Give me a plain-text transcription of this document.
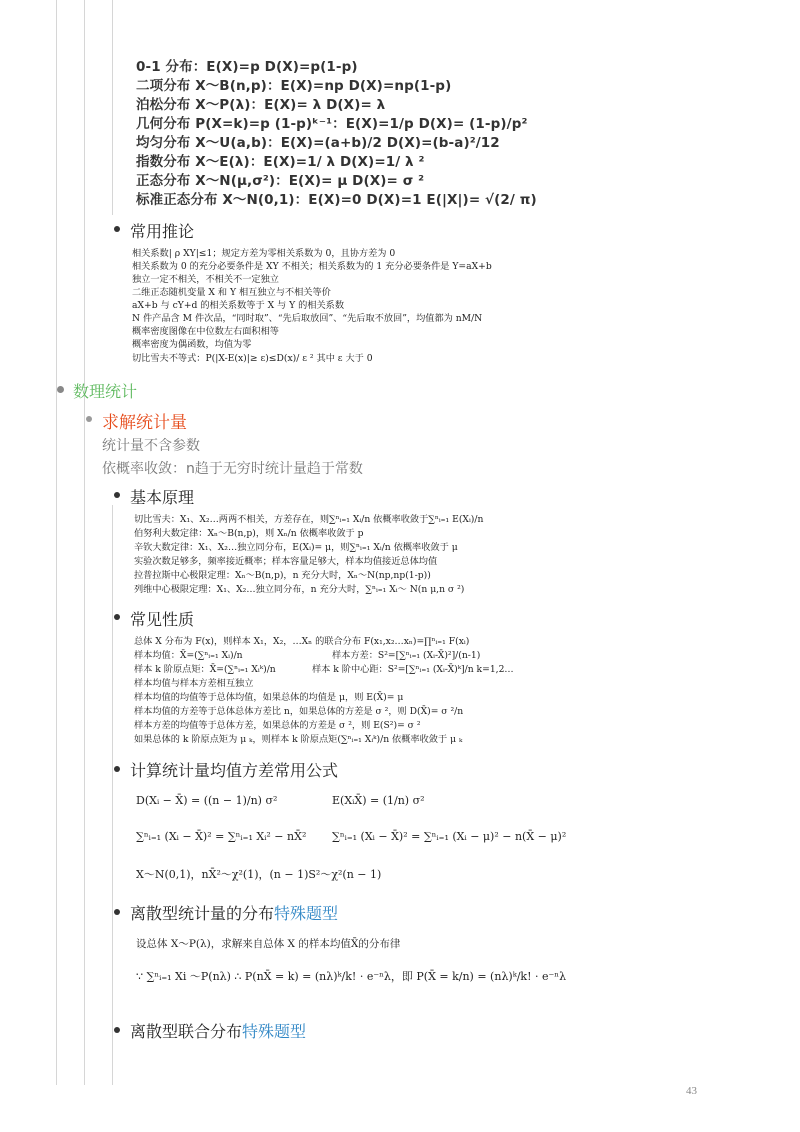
0-1 分布：E(X)=p D(X)=p(1-p)
二项分布 X～B(n,p)：E(X)=np D(X)=np(1-p)
泊松分布 X～P(λ)：E(X)= λ D(X)= λ
几何分布 P(X=k)=p (1-p)ᵏ⁻¹：E(X)=1/p D(X)= (1-p)/p²
均匀分布 X～U(a,b)：E(X)=(a+b)/2 D(X)=(b-a)²/12
指数分布 X～E(λ)：E(X)=1/ λ D(X)=1/ λ ²
正态分布 X～N(μ,σ²)：E(X)= μ D(X)= σ ²
标准正态分布 X～N(0,1)：E(X)=0 D(X)=1 E(|X|)= √(2/ π)
常用推论
相关系数| ρ XY|≤1；规定方差为零相关系数为 0，且协方差为 0
相关系数为 0 的充分必要条件是 XY 不相关；相关系数为的 1 充分必要条件是 Y=aX+b
独立一定不相关，不相关不一定独立
二维正态随机变量 X 和 Y 相互独立与不相关等价
aX+b 与 cY+d 的相关系数等于 X 与 Y 的相关系数
N 件产品含 M 件次品，“同时取”、“先后取放回”、“先后取不放回”，均值都为 nM/N
概率密度图像在中位数左右面积相等
概率密度为偶函数，均值为零
切比雪夫不等式：P(|X-E(x)|≥ ε)≤D(x)/ ε ² 其中 ε 大于 0
数理统计
求解统计量
统计量不含参数
依概率收敛：n趋于无穷时统计量趋于常数
基本原理
切比雪夫：X₁、X₂…两两不相关，方差存在，则∑ⁿᵢ₌₁ Xᵢ/n 依概率收敛于∑ⁿᵢ₌₁ E(Xᵢ)/n
伯努利大数定律：Xₙ～B(n,p)，则 Xₙ/n 依概率收敛于 p
辛钦大数定律：X₁、X₂…独立同分布，E(Xᵢ)= μ，则∑ⁿᵢ₌₁ Xᵢ/n 依概率收敛于 μ
实验次数足够多，频率接近概率；样本容量足够大，样本均值接近总体均值
拉普拉斯中心极限定理：Xₙ～B(n,p)，n 充分大时，Xₙ～N(np,np(1-p))
列维中心极限定理：X₁、X₂…独立同分布，n 充分大时，∑ⁿᵢ₌₁ Xᵢ～ N(n μ,n σ ²)
常见性质
总体 X 分布为 F(x)，则样本 X₁，X₂，…Xₙ 的联合分布 F(x₁,x₂…xₙ)=∏ⁿᵢ₌₁ F(xᵢ)
样本均值：X̄=(∑ⁿᵢ₌₁ Xᵢ)/n	样本方差：S²=[∑ⁿᵢ₌₁ (Xᵢ-X̄)²]/(n-1)
样本 k 阶原点矩：X̄=(∑ⁿᵢ₌₁ Xᵢᵏ)/n	样本 k 阶中心距：S²=[∑ⁿᵢ₌₁ (Xᵢ-X̄)ᵏ]/n k=1,2…
样本均值与样本方差相互独立
样本均值的均值等于总体均值，如果总体的均值是 μ，则 E(X̄)= μ
样本均值的方差等于总体总体方差比 n，如果总体的方差是 σ ²，则 D(X̄)= σ ²/n
样本方差的均值等于总体方差，如果总体的方差是 σ ²，则 E(S²)= σ ²
如果总体的 k 阶原点矩为 μ ₖ，则样本 k 阶原点矩(∑ⁿᵢ₌₁ Xᵢᵏ)/n 依概率收敛于 μ ₖ
计算统计量均值方差常用公式
D(Xᵢ − X̄) = ((n − 1)/n) σ²	E(XᵢX̄) = (1/n) σ²
∑ⁿᵢ₌₁ (Xᵢ − X̄)² = ∑ⁿᵢ₌₁ Xᵢ² − nX̄² ∑ⁿᵢ₌₁ (Xᵢ − X̄)² = ∑ⁿᵢ₌₁ (Xᵢ − μ)² − n(X̄ − μ)²
X～N(0,1)，nX̄²～χ²(1)，(n − 1)S²～χ²(n − 1)
离散型统计量的分布特殊题型
设总体 X～P(λ)，求解来自总体 X 的样本均值X̄的分布律
∵ ∑ⁿᵢ₌₁ Xi ～P(nλ) ∴ P(nX̄ = k) = (nλ)ᵏ/k! · e⁻ⁿλ，即 P(X̄ = k/n) = (nλ)ᵏ/k! · e⁻ⁿλ
离散型联合分布特殊题型
43
